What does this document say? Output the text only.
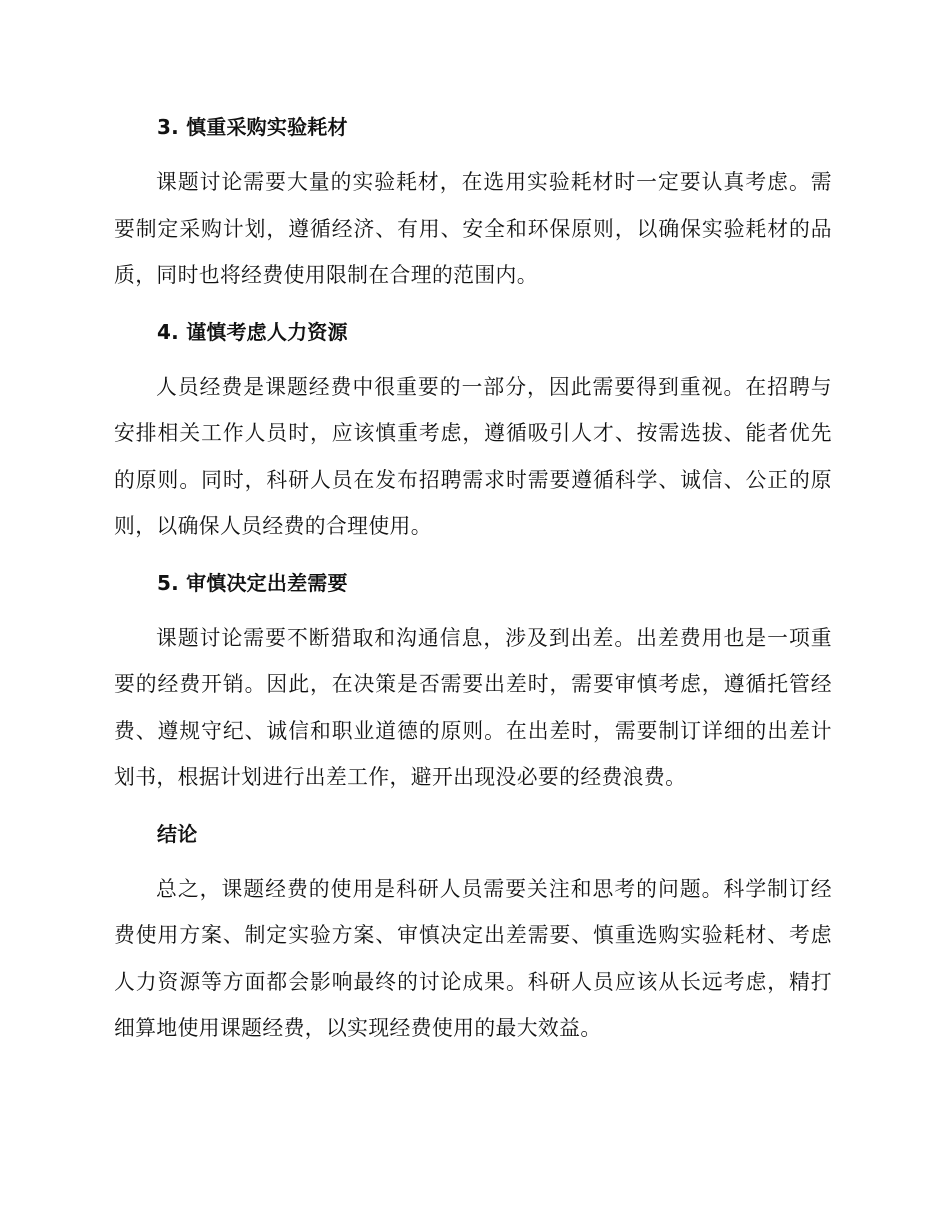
3. 慎重采购实验耗材

课题讨论需要大量的实验耗材，在选用实验耗材时一定要认真考虑。需要制定采购计划，遵循经济、有用、安全和环保原则，以确保实验耗材的品质，同时也将经费使用限制在合理的范围内。

4. 谨慎考虑人力资源

人员经费是课题经费中很重要的一部分，因此需要得到重视。在招聘与安排相关工作人员时，应该慎重考虑，遵循吸引人才、按需选拔、能者优先的原则。同时，科研人员在发布招聘需求时需要遵循科学、诚信、公正的原则，以确保人员经费的合理使用。

5. 审慎决定出差需要

课题讨论需要不断猎取和沟通信息，涉及到出差。出差费用也是一项重要的经费开销。因此，在决策是否需要出差时，需要审慎考虑，遵循托管经费、遵规守纪、诚信和职业道德的原则。在出差时，需要制订详细的出差计划书，根据计划进行出差工作，避开出现没必要的经费浪费。

结论

总之，课题经费的使用是科研人员需要关注和思考的问题。科学制订经费使用方案、制定实验方案、审慎决定出差需要、慎重选购实验耗材、考虑人力资源等方面都会影响最终的讨论成果。科研人员应该从长远考虑，精打细算地使用课题经费，以实现经费使用的最大效益。
